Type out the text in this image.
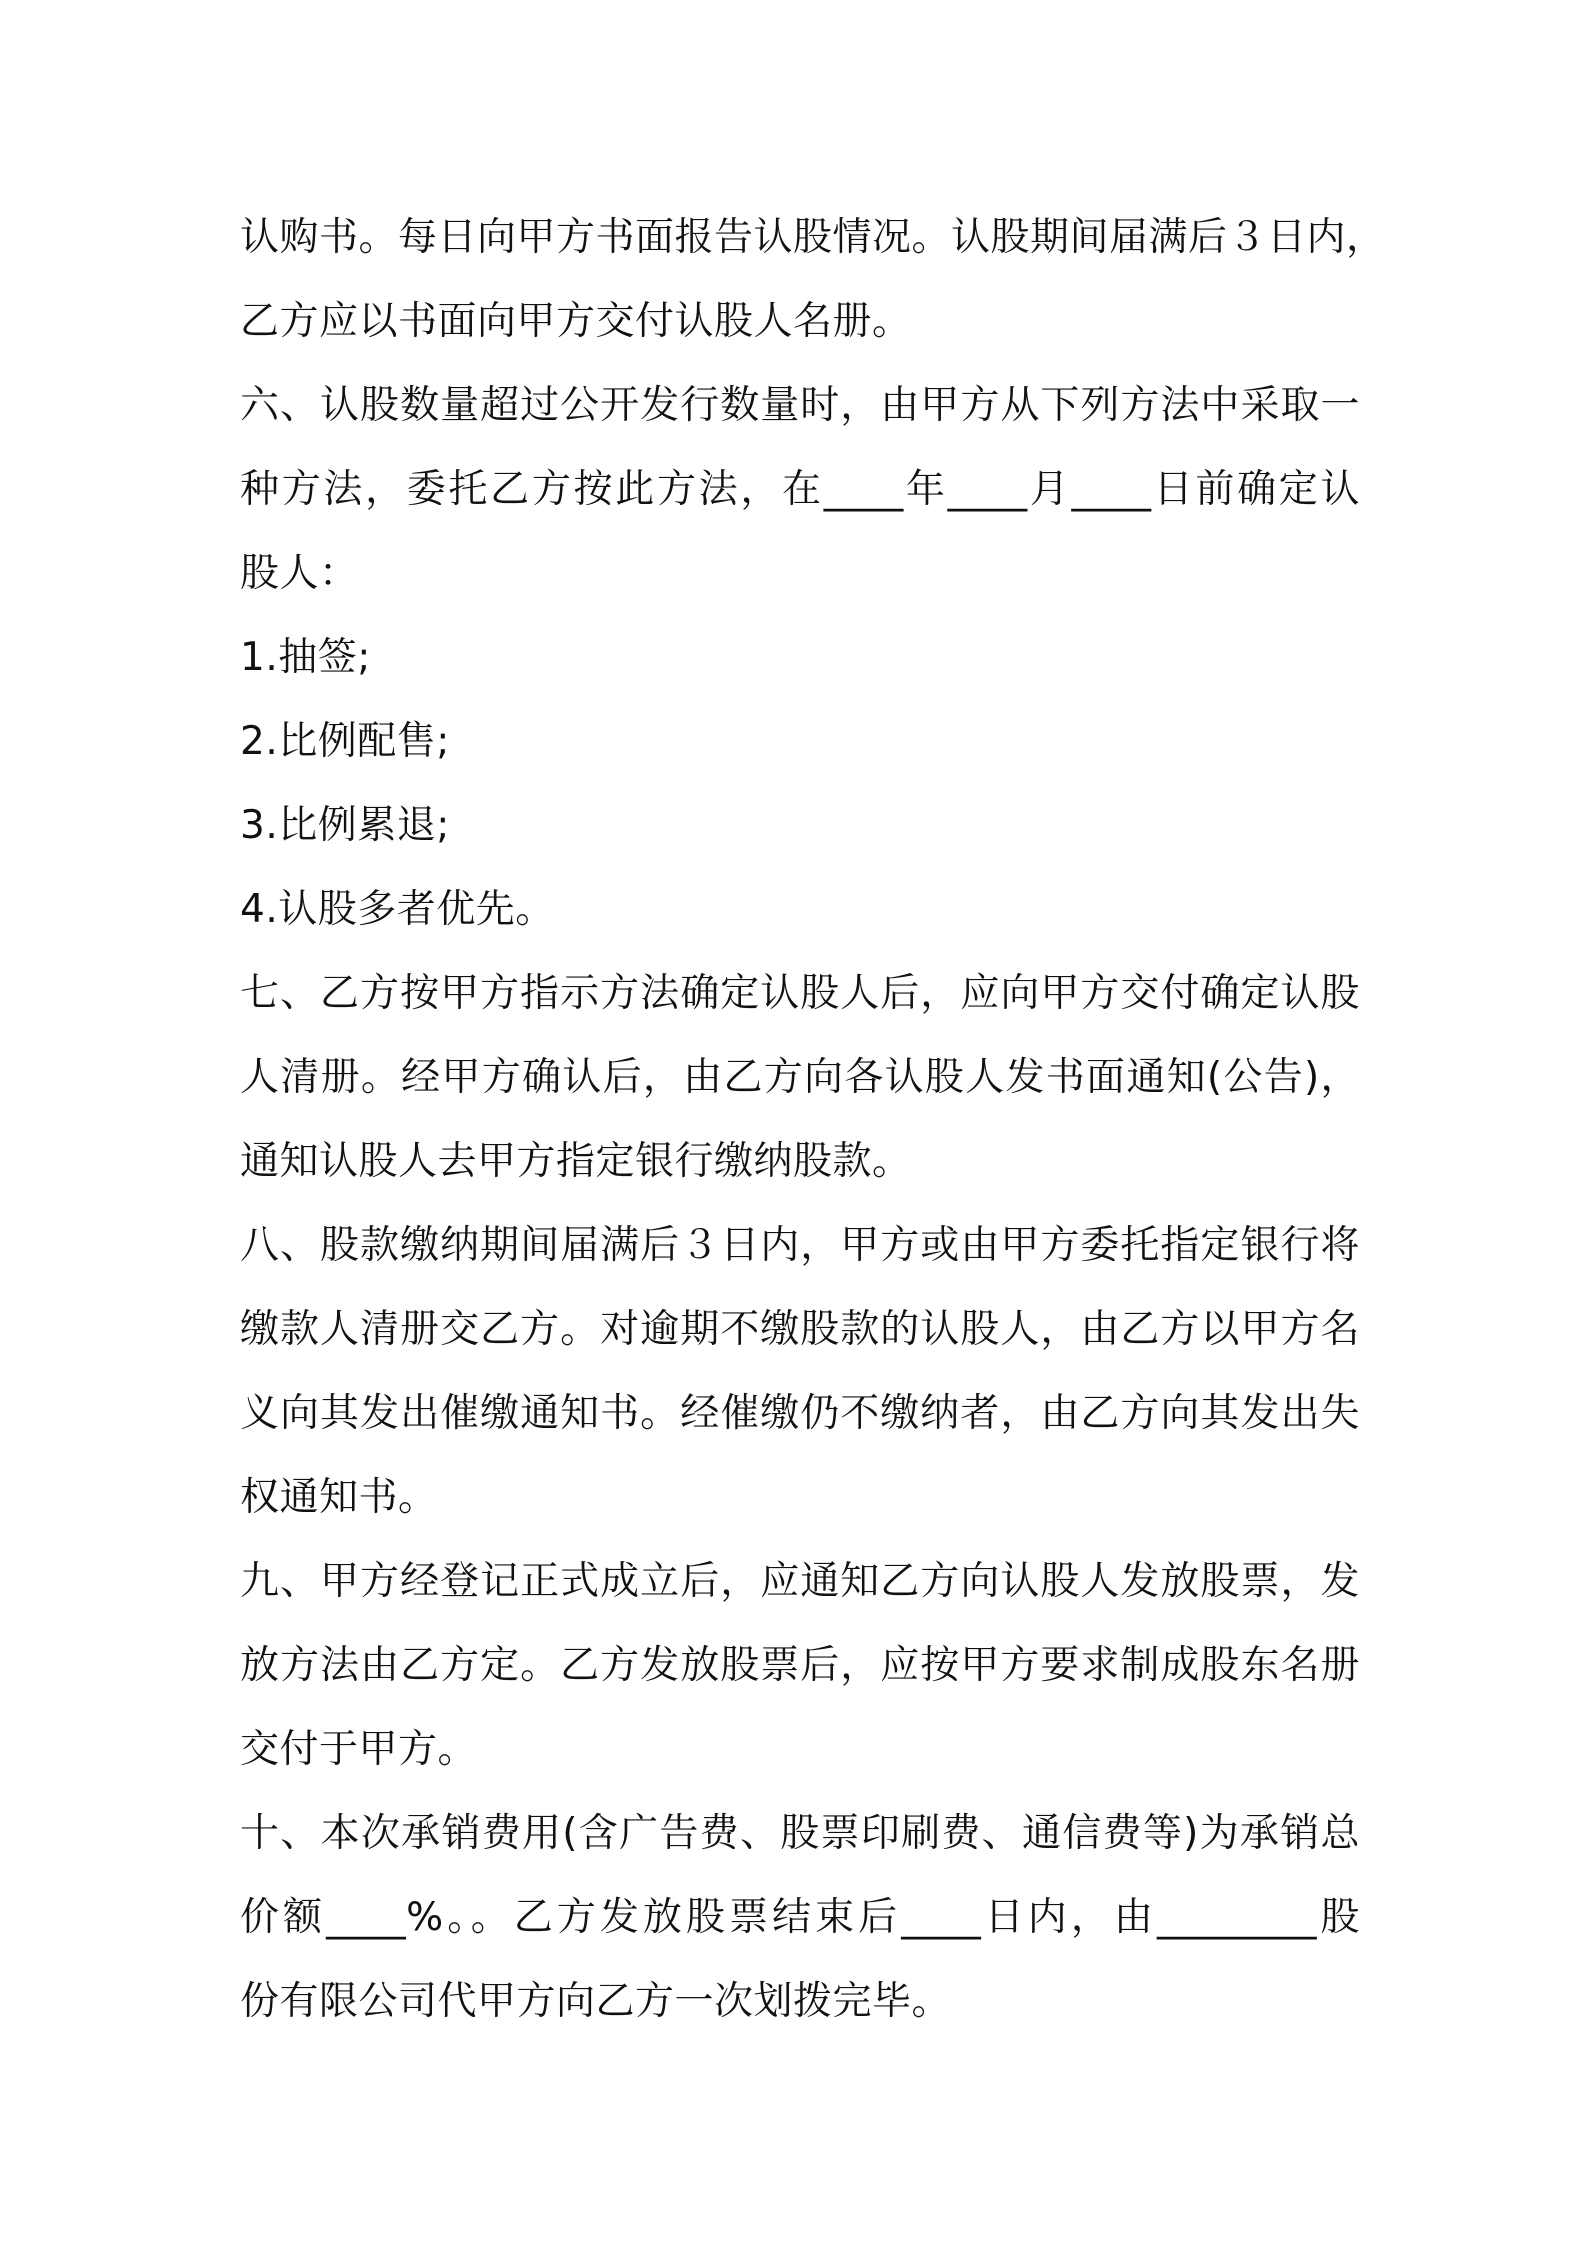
认购书。每日向甲方书面报告认股情况。认股期间届满后３日内，
乙方应以书面向甲方交付认股人名册。
六、认股数量超过公开发行数量时，由甲方从下列方法中采取一
种方法，委托乙方按此方法，在____年____月____日前确定认
股人：
1.抽签;
2.比例配售;
3.比例累退;
4.认股多者优先。
七、乙方按甲方指示方法确定认股人后，应向甲方交付确定认股
人清册。经甲方确认后，由乙方向各认股人发书面通知(公告)，
通知认股人去甲方指定银行缴纳股款。
八、股款缴纳期间届满后３日内，甲方或由甲方委托指定银行将
缴款人清册交乙方。对逾期不缴股款的认股人，由乙方以甲方名
义向其发出催缴通知书。经催缴仍不缴纳者，由乙方向其发出失
权通知书。
九、甲方经登记正式成立后，应通知乙方向认股人发放股票，发
放方法由乙方定。乙方发放股票后，应按甲方要求制成股东名册
交付于甲方。
十、本次承销费用(含广告费、股票印刷费、通信费等)为承销总
价额____%。。乙方发放股票结束后____日内，由________股
份有限公司代甲方向乙方一次划拨完毕。
